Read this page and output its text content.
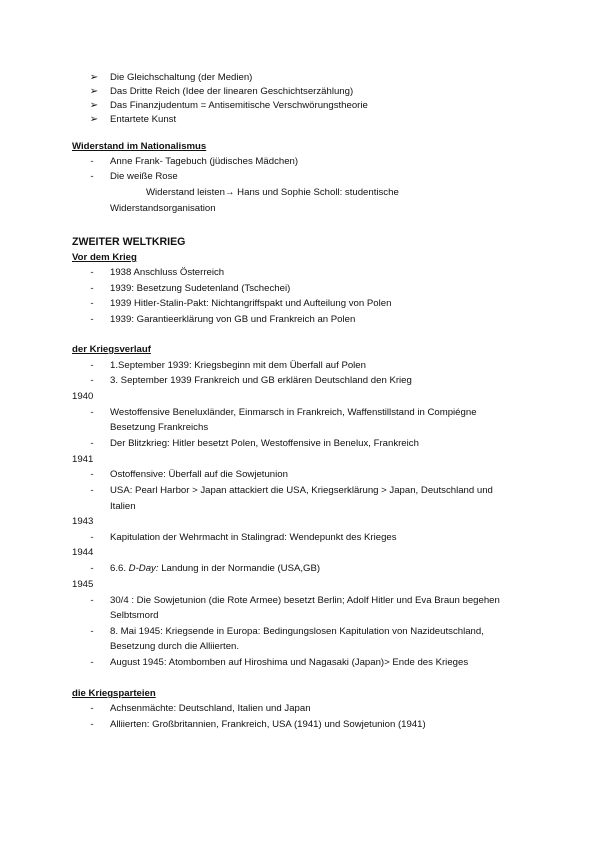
➢ Die Gleichschaltung (der Medien)
➢ Das Dritte Reich (Idee der linearen Geschichtserzählung)
➢ Das Finanzjudentum = Antisemitische Verschwörungstheorie
➢ Entartete Kunst
Widerstand im Nationalismus
- Anne Frank- Tagebuch (jüdisches Mädchen)
- Die weiße Rose
Widerstand leisten→ Hans und Sophie Scholl: studentische
Widerstandsorganisation
ZWEITER WELTKRIEG
Vor dem Krieg
- 1938 Anschluss Österreich
- 1939: Besetzung Sudetenland (Tschechei)
- 1939 Hitler-Stalin-Pakt: Nichtangriffspakt und Aufteilung von Polen
- 1939: Garantieerklärung von GB und Frankreich an Polen
der Kriegsverlauf
- 1.September 1939: Kriegsbeginn mit dem Überfall auf Polen
- 3. September 1939 Frankreich und GB erklären Deutschland den Krieg
1940
- Westoffensive Beneluxländer, Einmarsch in Frankreich, Waffenstillstand in Compiégne
Besetzung Frankreichs
- Der Blitzkrieg: Hitler besetzt Polen, Westoffensive in Benelux, Frankreich
1941
- Ostoffensive: Überfall auf die Sowjetunion
- USA: Pearl Harbor > Japan attackiert die USA, Kriegserklärung > Japan, Deutschland und
Italien
1943
- Kapitulation der Wehrmacht in Stalingrad: Wendepunkt des Krieges
1944
- 6.6. D-Day: Landung in der Normandie (USA,GB)
1945
- 30/4 : Die Sowjetunion (die Rote Armee) besetzt Berlin; Adolf Hitler und Eva Braun begehen
Selbtsmord
- 8. Mai 1945: Kriegsende in Europa: Bedingungslosen Kapitulation von Nazideutschland,
Besetzung durch die Alliierten.
- August 1945: Atombomben auf Hiroshima und Nagasaki (Japan)> Ende des Krieges
die Kriegsparteien
- Achsenmächte: Deutschland, Italien und Japan
- Alliierten: Großbritannien, Frankreich, USA (1941) und Sowjetunion (1941)
